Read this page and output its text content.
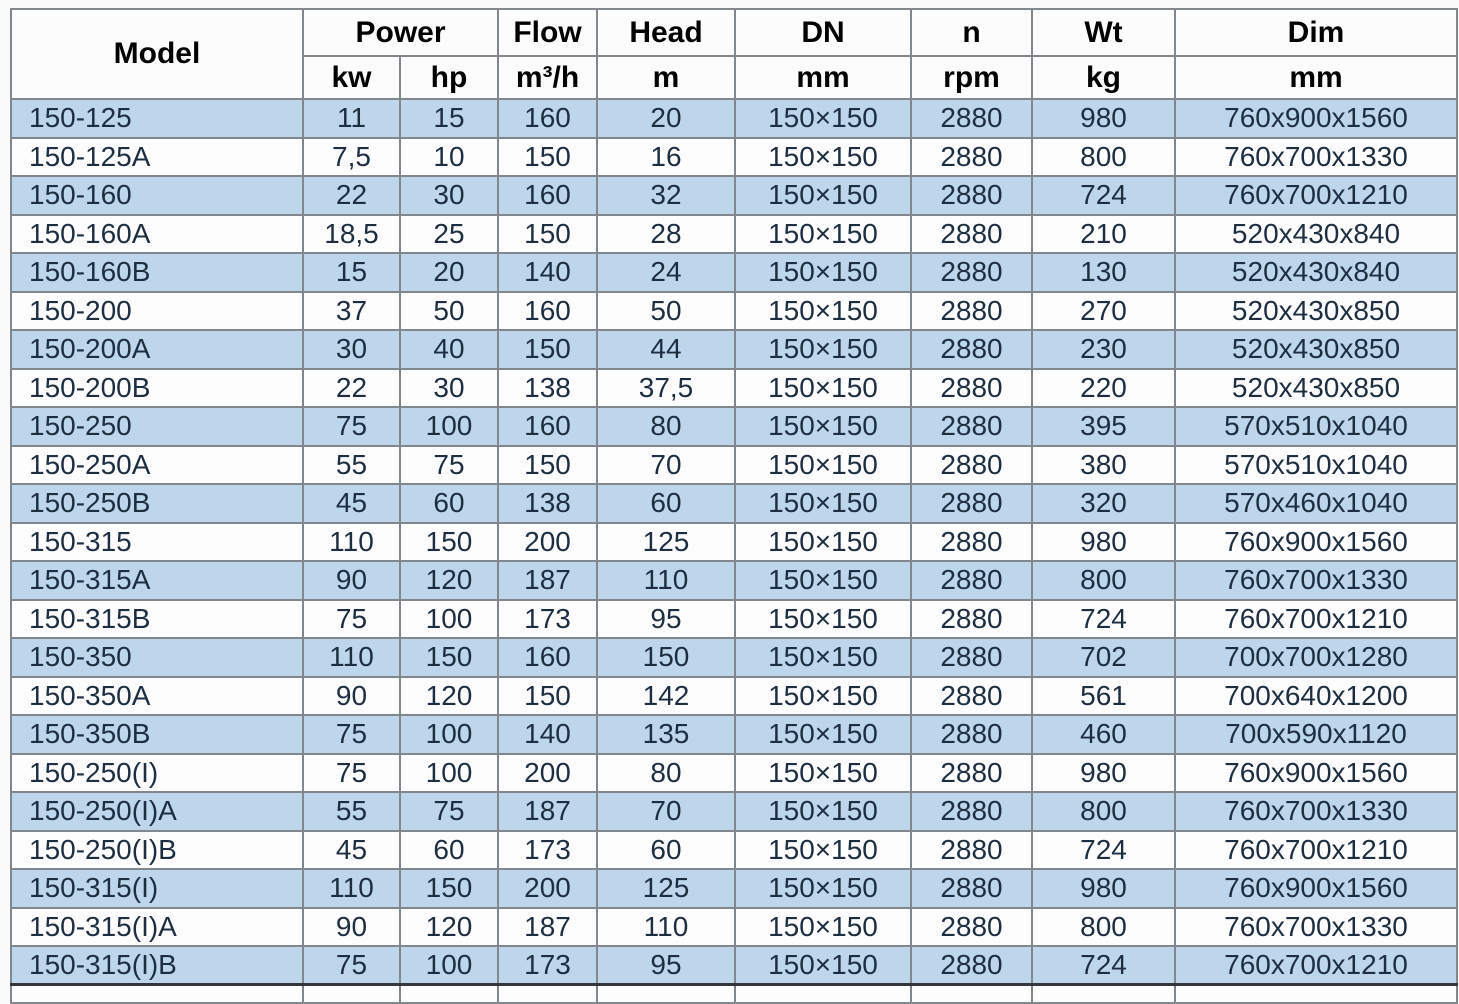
Model	Power		Flow	Head	DN	n	Wt	Dim
	kw	hp	m³/h	m	mm	rpm	kg	mm
150-125	11	15	160	20	150×150	2880	980	760x900x1560
150-125A	7,5	10	150	16	150×150	2880	800	760x700x1330
150-160	22	30	160	32	150×150	2880	724	760x700x1210
150-160A	18,5	25	150	28	150×150	2880	210	520x430x840
150-160B	15	20	140	24	150×150	2880	130	520x430x840
150-200	37	50	160	50	150×150	2880	270	520x430x850
150-200A	30	40	150	44	150×150	2880	230	520x430x850
150-200B	22	30	138	37,5	150×150	2880	220	520x430x850
150-250	75	100	160	80	150×150	2880	395	570x510x1040
150-250A	55	75	150	70	150×150	2880	380	570x510x1040
150-250B	45	60	138	60	150×150	2880	320	570x460x1040
150-315	110	150	200	125	150×150	2880	980	760x900x1560
150-315A	90	120	187	110	150×150	2880	800	760x700x1330
150-315B	75	100	173	95	150×150	2880	724	760x700x1210
150-350	110	150	160	150	150×150	2880	702	700x700x1280
150-350A	90	120	150	142	150×150	2880	561	700x640x1200
150-350B	75	100	140	135	150×150	2880	460	700x590x1120
150-250(I)	75	100	200	80	150×150	2880	980	760x900x1560
150-250(I)A	55	75	187	70	150×150	2880	800	760x700x1330
150-250(I)B	45	60	173	60	150×150	2880	724	760x700x1210
150-315(I)	110	150	200	125	150×150	2880	980	760x900x1560
150-315(I)A	90	120	187	110	150×150	2880	800	760x700x1330
150-315(I)B	75	100	173	95	150×150	2880	724	760x700x1210
